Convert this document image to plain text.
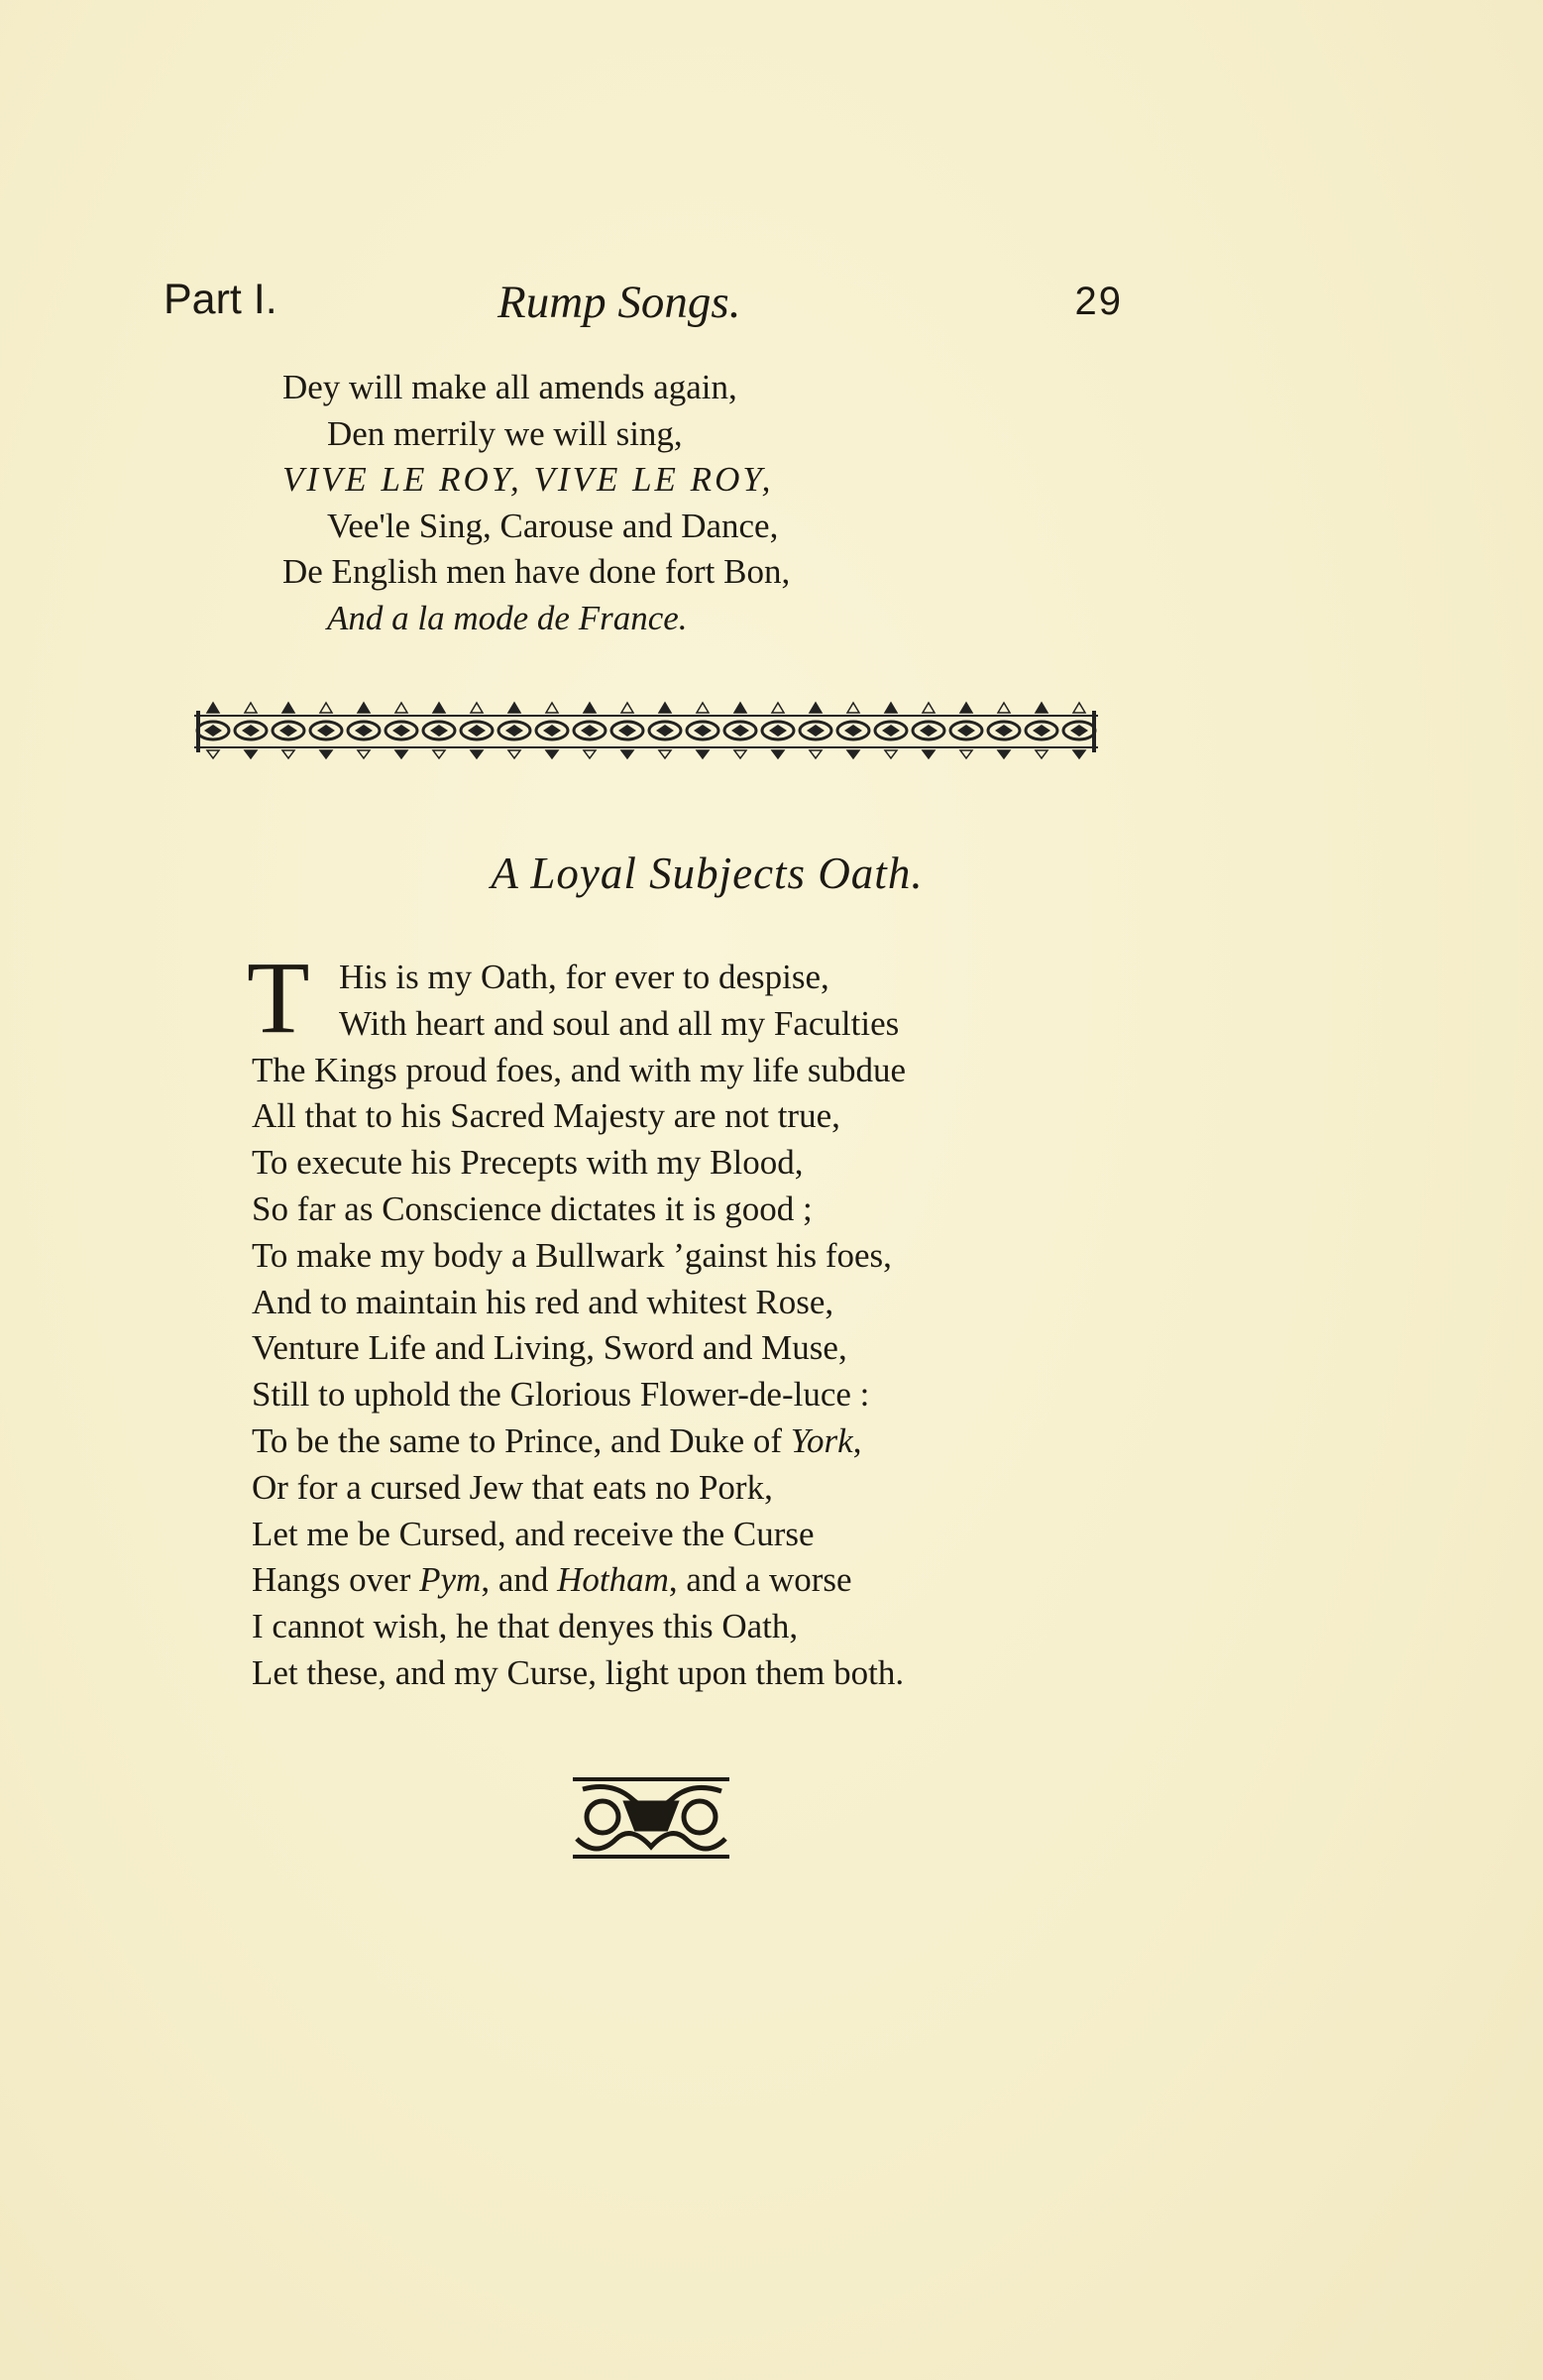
Part I.	Rump Songs.	29
Dey will make all amends again,
Den merrily we will sing,
VIVE LE ROY, VIVE LE ROY,
Vee'le Sing, Carouse and Dance,
De English men have done fort Bon,
And a la mode de France.
A Loyal Subjects Oath.
T His is my Oath, for ever to despise,
With heart and soul and all my Faculties
The Kings proud foes, and with my life subdue
All that to his Sacred Majesty are not true,
To execute his Precepts with my Blood,
So far as Conscience dictates it is good ;
To make my body a Bullwark ’gainst his foes,
And to maintain his red and whitest Rose,
Venture Life and Living, Sword and Muse,
Still to uphold the Glorious Flower-de-luce :
To be the same to Prince, and Duke of York,
Or for a cursed Jew that eats no Pork,
Let me be Cursed, and receive the Curse
Hangs over Pym, and Hotham, and a worse
I cannot wish, he that denyes this Oath,
Let these, and my Curse, light upon them both.
